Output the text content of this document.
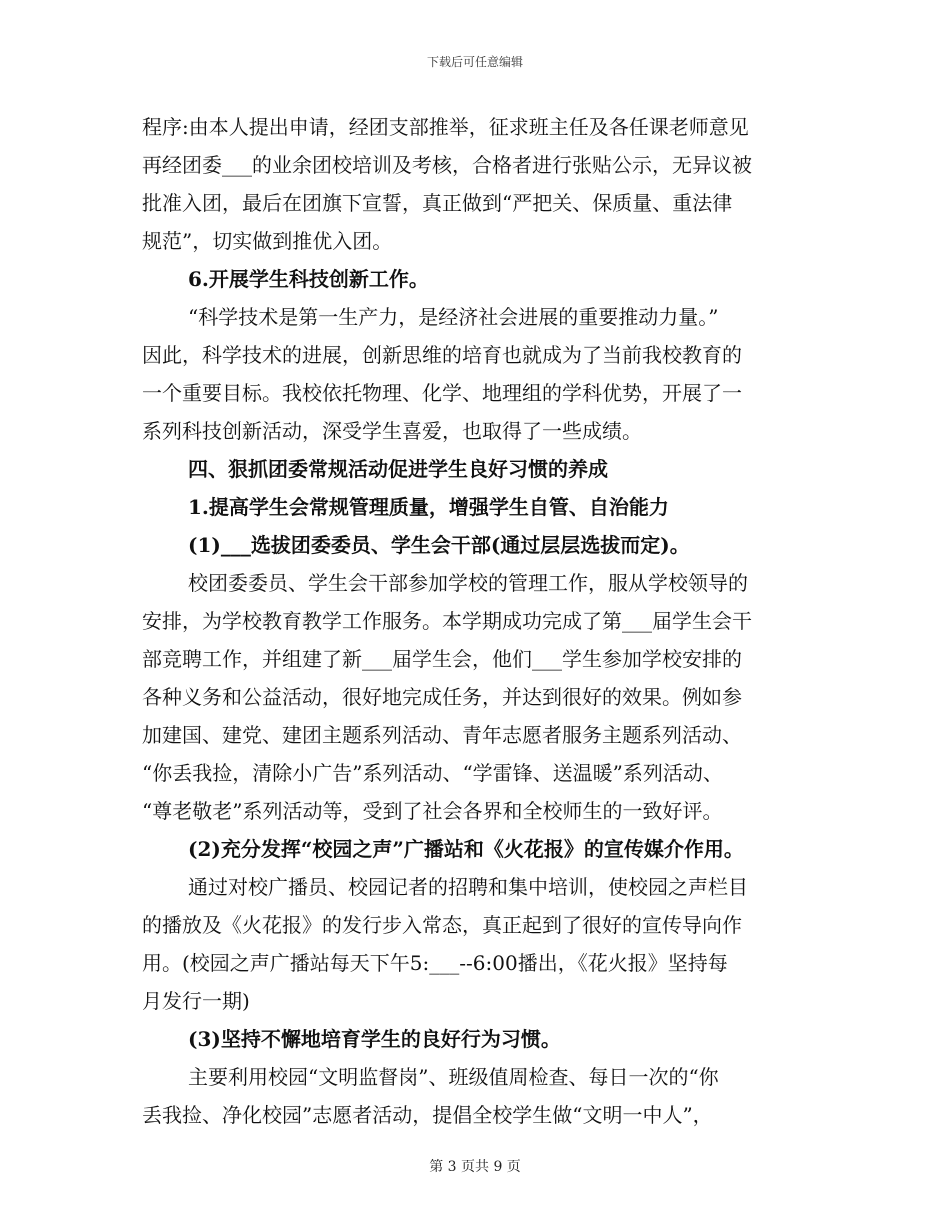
下载后可任意编辑
程序:由本人提出申请，经团支部推举，征求班主任及各任课老师意见
再经团委___的业余团校培训及考核，合格者进行张贴公示，无异议被
批准入团，最后在团旗下宣誓，真正做到“严把关、保质量、重法律
规范”，切实做到推优入团。
6.开展学生科技创新工作。
“科学技术是第一生产力，是经济社会进展的重要推动力量。”
因此，科学技术的进展，创新思维的培育也就成为了当前我校教育的
一个重要目标。我校依托物理、化学、地理组的学科优势，开展了一
系列科技创新活动，深受学生喜爱，也取得了一些成绩。
四、狠抓团委常规活动促进学生良好习惯的养成
1.提高学生会常规管理质量，增强学生自管、自治能力
(1)___选拔团委委员、学生会干部(通过层层选拔而定)。
校团委委员、学生会干部参加学校的管理工作，服从学校领导的
安排，为学校教育教学工作服务。本学期成功完成了第___届学生会干
部竞聘工作，并组建了新___届学生会，他们___学生参加学校安排的
各种义务和公益活动，很好地完成任务，并达到很好的效果。例如参
加建国、建党、建团主题系列活动、青年志愿者服务主题系列活动、
“你丢我捡，清除小广告”系列活动、“学雷锋、送温暖”系列活动、
“尊老敬老”系列活动等，受到了社会各界和全校师生的一致好评。
(2)充分发挥“校园之声”广播站和《火花报》的宣传媒介作用。
通过对校广播员、校园记者的招聘和集中培训，使校园之声栏目
的播放及《火花报》的发行步入常态，真正起到了很好的宣传导向作
用。(校园之声广播站每天下午5:___--6:00播出，《花火报》坚持每
月发行一期)
(3)坚持不懈地培育学生的良好行为习惯。
主要利用校园“文明监督岗”、班级值周检查、每日一次的“你
丢我捡、净化校园”志愿者活动，提倡全校学生做“文明一中人”，
第 3 页共 9 页
